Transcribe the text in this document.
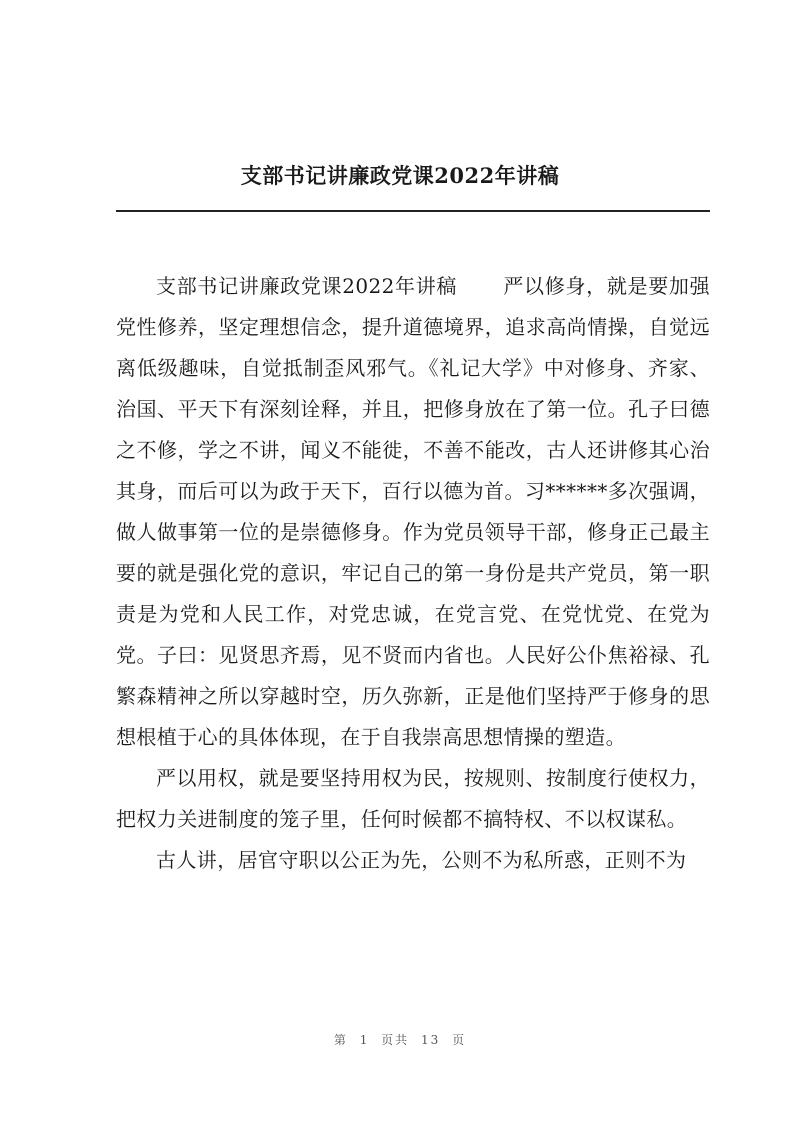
支部书记讲廉政党课2022年讲稿

支部书记讲廉政党课2022年讲稿 严以修身，就是要加强党性修养，坚定理想信念，提升道德境界，追求高尚情操，自觉远离低级趣味，自觉抵制歪风邪气。《礼记大学》中对修身、齐家、治国、平天下有深刻诠释，并且，把修身放在了第一位。孔子曰德之不修，学之不讲，闻义不能徙，不善不能改，古人还讲修其心治其身，而后可以为政于天下，百行以德为首。习******多次强调，做人做事第一位的是崇德修身。作为党员领导干部，修身正己最主要的就是强化党的意识，牢记自己的第一身份是共产党员，第一职责是为党和人民工作，对党忠诚，在党言党、在党忧党、在党为党。子曰：见贤思齐焉，见不贤而内省也。人民好公仆焦裕禄、孔繁森精神之所以穿越时空，历久弥新，正是他们坚持严于修身的思想根植于心的具体体现，在于自我崇高思想情操的塑造。

严以用权，就是要坚持用权为民，按规则、按制度行使权力，把权力关进制度的笼子里，任何时候都不搞特权、不以权谋私。

古人讲，居官守职以公正为先，公则不为私所惑，正则不为

第 1 页共 13 页
